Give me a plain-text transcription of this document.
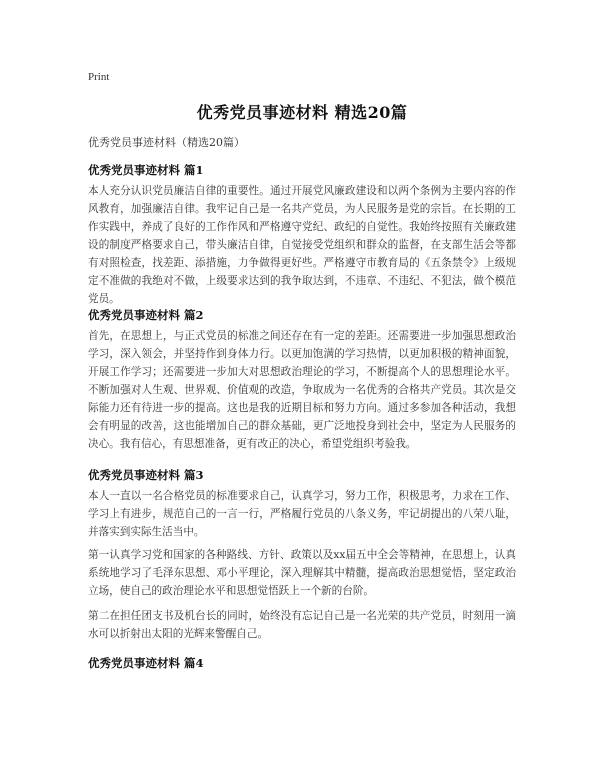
Print
优秀党员事迹材料 精选20篇
优秀党员事迹材料（精选20篇）
优秀党员事迹材料 篇1
本人充分认识党员廉洁自律的重要性。通过开展党风廉政建设和以两个条例为主要内容的作风教育，加强廉洁自律。我牢记自己是一名共产党员，为人民服务是党的宗旨。在长期的工作实践中，养成了良好的工作作风和严格遵守党纪、政纪的自觉性。我始终按照有关廉政建设的制度严格要求自己，带头廉洁自律，自觉接受党组织和群众的监督，在支部生活会等都有对照检查，找差距、添措施，力争做得更好些。严格遵守市教育局的《五条禁令》上级规定不准做的我绝对不做，上级要求达到的我争取达到，不违章、不违纪、不犯法，做个模范党员。
优秀党员事迹材料 篇2
首先，在思想上，与正式党员的标准之间还存在有一定的差距。还需要进一步加强思想政治学习，深入领会，并坚持作到身体力行。以更加饱满的学习热情，以更加积极的精神面貌，开展工作学习；还需要进一步加大对思想政治理论的学习，不断提高个人的思想理论水平。不断加强对人生观、世界观、价值观的改造，争取成为一名优秀的合格共产党员。其次是交际能力还有待进一步的提高。这也是我的近期目标和努力方向。通过多参加各种活动，我想会有明显的改善，这也能增加自己的群众基础，更广泛地投身到社会中，坚定为人民服务的决心。我有信心，有思想准备，更有改正的决心，希望党组织考验我。
优秀党员事迹材料 篇3
本人一直以一名合格党员的标准要求自己，认真学习，努力工作，积极思考，力求在工作、学习上有进步，规范自己的一言一行，严格履行党员的八条义务，牢记胡提出的八荣八耻，并落实到实际生活当中。
第一认真学习党和国家的各种路线、方针、政策以及xx届五中全会等精神，在思想上，认真系统地学习了毛泽东思想、邓小平理论，深入理解其中精髓，提高政治思想觉悟，坚定政治立场，使自己的政治理论水平和思想觉悟跃上一个新的台阶。
第二在担任团支书及机台长的同时，始终没有忘记自己是一名光荣的共产党员，时刻用一滴水可以折射出太阳的光辉来警醒自己。
优秀党员事迹材料 篇4
